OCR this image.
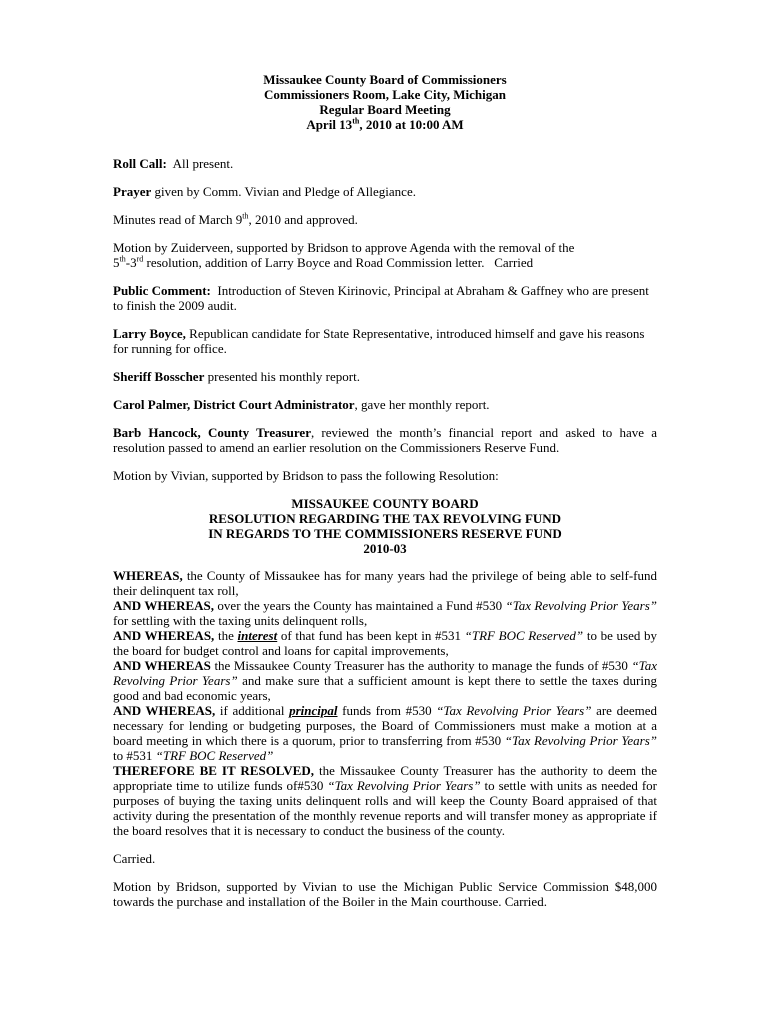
Missaukee County Board of Commissioners
Commissioners Room, Lake City, Michigan
Regular Board Meeting
April 13th, 2010 at 10:00 AM

Roll Call:  All present.

Prayer given by Comm. Vivian and Pledge of Allegiance.

Minutes read of March 9th, 2010 and approved.

Motion by Zuiderveen, supported by Bridson to approve Agenda with the removal of the
5th-3rd resolution, addition of Larry Boyce and Road Commission letter.   Carried

Public Comment:  Introduction of Steven Kirinovic, Principal at Abraham & Gaffney who are present to finish the 2009 audit.

Larry Boyce, Republican candidate for State Representative, introduced himself and gave his reasons for running for office.

Sheriff Bosscher presented his monthly report.

Carol Palmer, District Court Administrator, gave her monthly report.

Barb Hancock, County Treasurer, reviewed the month’s financial report and asked to have a resolution passed to amend an earlier resolution on the Commissioners Reserve Fund.

Motion by Vivian, supported by Bridson to pass the following Resolution:

MISSAUKEE COUNTY BOARD
RESOLUTION REGARDING THE TAX REVOLVING FUND
IN REGARDS TO THE COMMISSIONERS RESERVE FUND
2010-03
WHEREAS, the County of Missaukee has for many years had the privilege of being able to self-fund their delinquent tax roll,
AND WHEREAS, over the years the County has maintained a Fund #530 “Tax Revolving Prior Years” for settling with the taxing units delinquent rolls,
AND WHEREAS, the interest of that fund has been kept in #531 “TRF BOC Reserved” to be used by the board for budget control and loans for capital improvements,
AND WHEREAS the Missaukee County Treasurer has the authority to manage the funds of #530 “Tax Revolving Prior Years” and make sure that a sufficient amount is kept there to settle the taxes during good and bad economic years,
AND WHEREAS, if additional principal funds from #530 “Tax Revolving Prior Years” are deemed necessary for lending or budgeting purposes, the Board of Commissioners must make a motion at a board meeting in which there is a quorum, prior to transferring from #530 “Tax Revolving Prior Years”  to #531 “TRF BOC Reserved”
THEREFORE BE IT RESOLVED, the Missaukee County Treasurer has the authority to deem the appropriate time to utilize funds of#530 “Tax Revolving Prior Years” to settle with units as needed for purposes of buying the taxing units delinquent rolls and will keep the County Board appraised of that activity during the presentation of the monthly revenue reports and will transfer money as appropriate if the board resolves that it is necessary to conduct the business of the county.

Carried.

Motion by Bridson, supported by Vivian to use the Michigan Public Service Commission $48,000 towards the purchase and installation of the Boiler in the Main courthouse. Carried.
